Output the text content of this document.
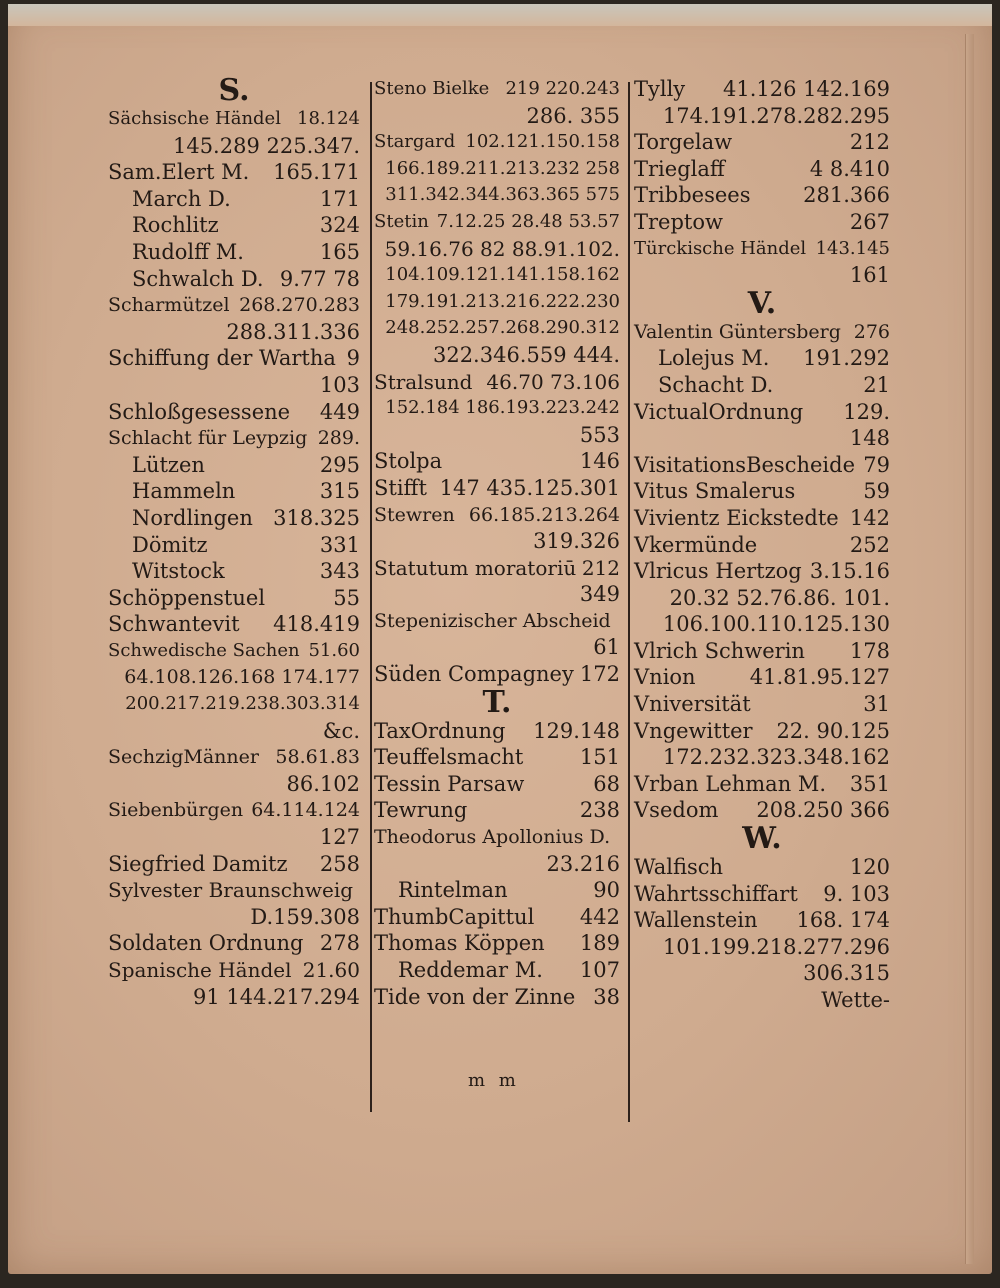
S.
Sächsische Händel 18.124
145.289 225.347.
Sam.Elert M. 165.171
March D.	171
Rochlitz	324
Rudolff M.	165
Schwalch D. 9.77 78
Scharmützel 268.270.283
288.311.336
Schiffung der Wartha 9
103
Schloßgesessene 449
Schlacht für Leypzig 289.
Lützen	295
Hammeln	315
Nordlingen 318.325
Dömitz	331
Witstock	343
Schöppenstuel	55
Schwantevit 418.419
Schwedische Sachen 51.60
64.108.126.168 174.177
200.217.219.238.303.314
&c.
SechzigMänner 58.61.83
86.102
Siebenbürgen 64.114.124
127
Siegfried Damitz 258
Sylvester Braunschweig
D.159.308
Soldaten Ordnung 278
Spanische Händel 21.60
91 144.217.294
Steno Bielke 219 220.243
286. 355
Stargard 102.121.150.158
166.189.211.213.232 258
311.342.344.363.365 575
Stetin 7.12.25 28.48 53.57
59.16.76 82 88.91.102.
104.109.121.141.158.162
179.191.213.216.222.230
248.252.257.268.290.312
322.346.559 444.
Stralsund 46.70 73.106
152.184 186.193.223.242
553
Stolpa	146
Stifft 147 435.125.301
Stewren 66.185.213.264
319.326
Statutum moratoriū 212
349
Stepenizischer Abscheid
61
Süden Compagney 172
T.
TaxOrdnung 129.148
Teuffelsmacht	151
Tessin Parsaw	68
Tewrung	238
Theodorus Apollonius D.
23.216
Rintelman	90
ThumbCapittul 442
Thomas Köppen 189
Reddemar M. 107
Tide von der Zinne 38
Tylly 41.126 142.169
174.191.278.282.295
Torgelaw	212
Trieglaff	4 8.410
Tribbesees	281.366
Treptow	267
Türckische Händel 143.145
161
V.
Valentin Güntersberg 276
Lolejus M. 191.292
Schacht D.	21
VictualOrdnung 129.
148
VisitationsBescheide 79
Vitus Smalerus	59
Vivientz Eickstedte 142
Vkermünde	252
Vlricus Hertzog 3.15.16
20.32 52.76.86. 101.
106.100.110.125.130
Vlrich Schwerin 178
Vnion	41.81.95.127
Vniversität	31
Vngewitter 22. 90.125
172.232.323.348.162
Vrban Lehman M. 351
Vsedom 208.250 366
W.
Walfisch	120
Wahrtsschiffart 9. 103
Wallenstein 168. 174
101.199.218.277.296
306.315
Wette-
m m
